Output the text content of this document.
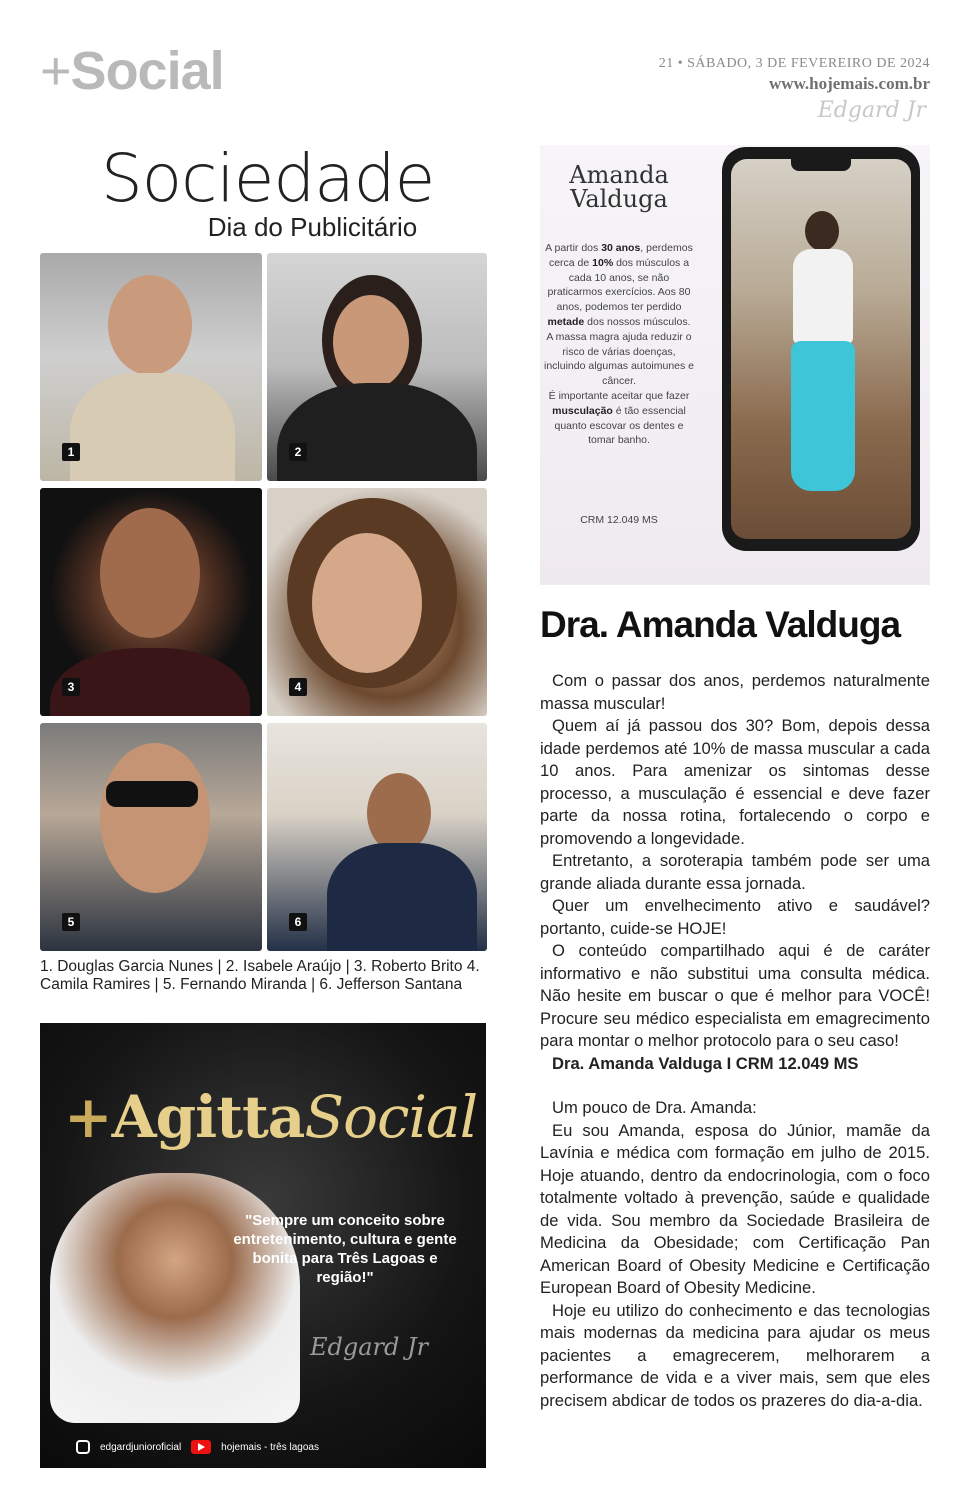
+Social	21 • SÁBADO, 3 DE FEVEREIRO DE 2024
www.hojemais.com.br
Edgard Jr
Sociedade
Dia do Publicitário
1	2
3	4
5	6
1. Douglas Garcia Nunes | 2. Isabele Araújo | 3. Roberto Brito 4. Camila Ramires | 5. Fernando Miranda | 6. Jefferson Santana
+AgittaSocial
"Sempre um conceito sobre entretenimento, cultura e gente bonita para Três Lagoas e região!"
Edgard Jr
edgardjunioroficial	hojemais - três lagoas
Amanda
Valduga
A partir dos 30 anos, perdemos cerca de 10% dos músculos a cada 10 anos, se não praticarmos exercícios. Aos 80 anos, podemos ter perdido metade dos nossos músculos.
A massa magra ajuda reduzir o risco de várias doenças, incluindo algumas autoimunes e câncer.
É importante aceitar que fazer musculação é tão essencial quanto escovar os dentes e tomar banho.
CRM 12.049 MS
Dra. Amanda Valduga

Com o passar dos anos, perdemos naturalmente massa muscular!

Quem aí já passou dos 30? Bom, depois dessa idade perdemos até 10% de massa muscular a cada 10 anos. Para amenizar os sintomas desse processo, a musculação é essencial e deve fazer parte da nossa rotina, fortalecendo o corpo e promovendo a longevidade.

Entretanto, a soroterapia também pode ser uma grande aliada durante essa jornada.

Quer um envelhecimento ativo e saudável? portanto, cuide-se HOJE!

O conteúdo compartilhado aqui é de caráter informativo e não substitui uma consulta médica. Não hesite em buscar o que é melhor para VOCÊ! Procure seu médico especialista em emagrecimento para montar o melhor protocolo para o seu caso!

Dra. Amanda Valduga I CRM 12.049 MS

Um pouco de Dra. Amanda:

Eu sou Amanda, esposa do Júnior, mamãe da Lavínia e médica com formação em julho de 2015. Hoje atuando, dentro da endocrinologia, com o foco totalmente voltado à prevenção, saúde e qualidade de vida. Sou membro da Sociedade Brasileira de Medicina da Obesidade; com Certificação Pan American Board of Obesity Medicine e Certificação European Board of Obesity Medicine.

Hoje eu utilizo do conhecimento e das tecnologias mais modernas da medicina para ajudar os meus pacientes a emagrecerem, melhorarem a performance de vida e a viver mais, sem que eles precisem abdicar de todos os prazeres do dia-a-dia.
